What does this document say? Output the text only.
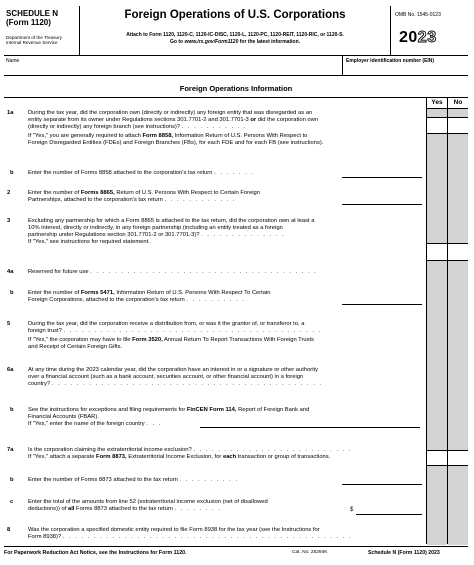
SCHEDULE N
(Form 1120)
Department of the Treasury
Internal Revenue Service
Foreign Operations of U.S. Corporations
Attach to Form 1120, 1120-C, 1120-IC-DISC, 1120-L, 1120-PC, 1120-REIT, 1120-RIC, or 1120-S.
Go to www.irs.gov/Form1120 for the latest information.
OMB No. 1545-0123
2023
Name	Employer identification number (EIN)
Foreign Operations Information
Yes	No
1a	During the tax year, did the corporation own (directly or indirectly) any foreign entity that was disregarded as an
entity separate from its owner under Regulations sections 301.7701-2 and 301.7701-3 or did the corporation own
(directly or indirectly) any foreign branch (see instructions)? . . . . . . . . . . .
If "Yes," you are generally required to attach Form 8858, Information Return of U.S. Persons With Respect to
Foreign Disregarded Entities (FDEs) and Foreign Branches (FBs), for each FDE and for each FB (see instructions).
b Enter the number of Forms 8858 attached to the corporation's tax return . . . . . . .
2	Enter the number of Forms 8865, Return of U.S. Persons With Respect to Certain Foreign
Partnerships, attached to the corporation's tax return . . . . . . . . . . . .
3	Excluding any partnership for which a Form 8865 is attached to the tax return, did the corporation own at least a
10% interest, directly or indirectly, in any foreign partnership (including an entity treated as a foreign
partnership under Regulations section 301.7701-2 or 301.7701-3)? . . . . . . . . . . . . . .
If "Yes," see instructions for required statement.
4a	Reserved for future use . . . . . . . . . . . . . . . . . . . . . . . . . . . . . . . . . . . . .
b Enter the number of Forms 5471, Information Return of U.S. Persons With Respect To Certain
Foreign Corporations, attached to the corporation's tax return . . . . . . . . . .
5	During the tax year, did the corporation receive a distribution from, or was it the grantor of, or transferor to, a
foreign trust? . . . . . . . . . . . . . . . . . . . . . . . . . . . . . . . . . . . . . . . . . .
If "Yes," the corporation may have to file Form 3520, Annual Return To Report Transactions With Foreign Trusts
and Receipt of Certain Foreign Gifts.
6a	At any time during the 2023 calendar year, did the corporation have an interest in or a signature or other authority
over a financial account (such as a bank account, securities account, or other financial account) in a foreign
country? . . . . . . . . . . . . . . . . . . . . . . . . . . . . . . . . . . . . . . . . . . . .
b See the instructions for exceptions and filing requirements for FinCEN Form 114, Report of Foreign Bank and
Financial Accounts (FBAR).
If "Yes," enter the name of the foreign country . . .
7a	Is the corporation claiming the extraterritorial income exclusion? . . . . . . . . . . . . . . . . . . . . . . . . . .
If "Yes," attach a separate Form 8873, Extraterritorial Income Exclusion, for each transaction or group of transactions.
b Enter the number of Forms 8873 attached to the tax return . . . . . . . . . .
c	Enter the total of the amounts from line 52 (extraterritorial income exclusion (net of disallowed
deductions)) of all Forms 8873 attached to the tax return . . . . . . . .	$
8	Was the corporation a specified domestic entity required to file Form 8938 for the tax year (see the Instructions for
Form 8938)? . . . . . . . . . . . . . . . . . . . . . . . . . . . . . . . . . . . . . . . . . . . . . . .
For Paperwork Reduction Act Notice, see the Instructions for Form 1120.	Cat. No. 26294K	Schedule N (Form 1120) 2023
